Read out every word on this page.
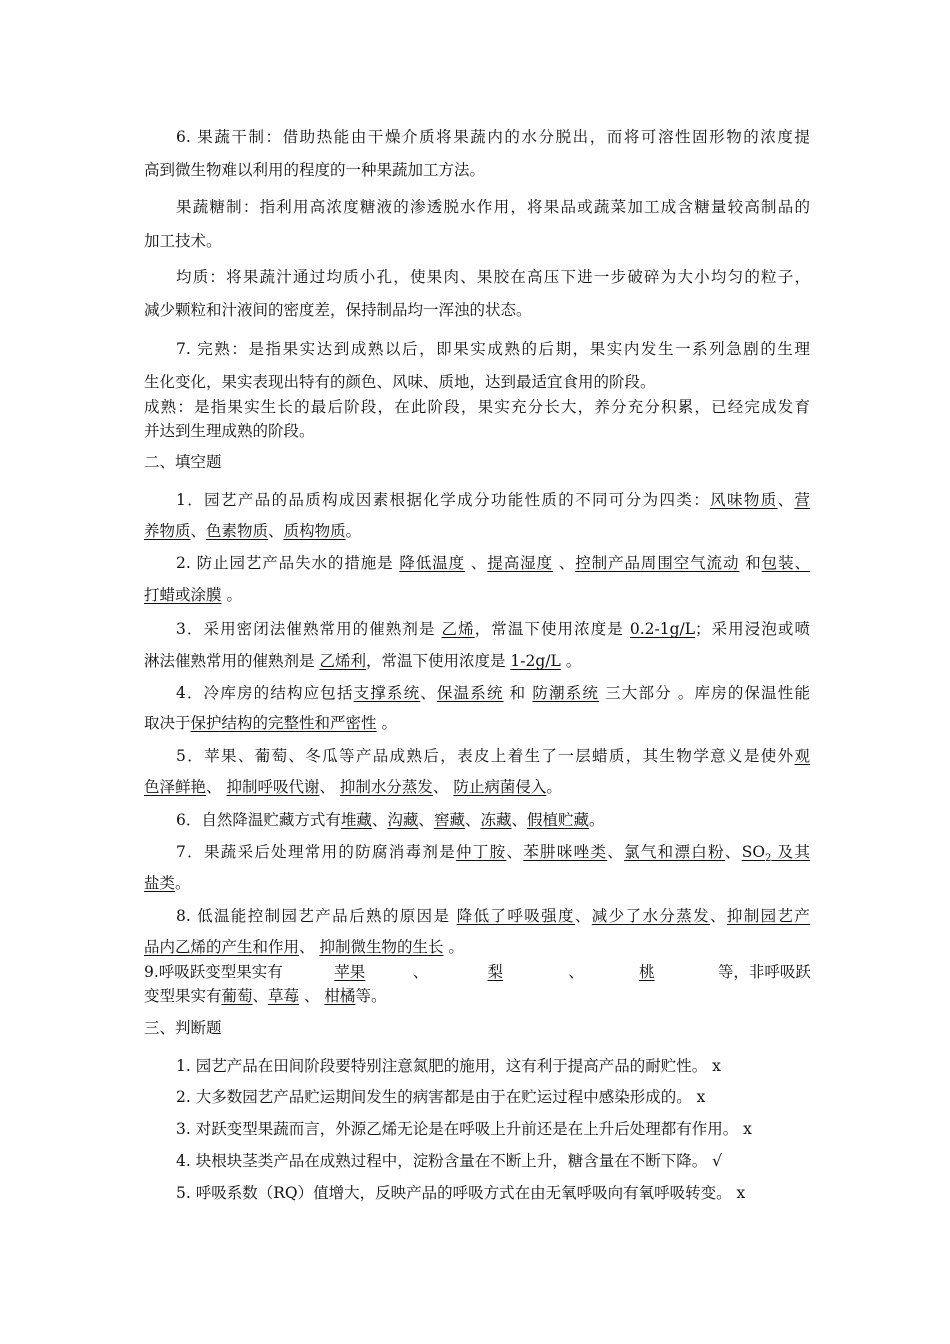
6. 果蔬干制：借助热能由干燥介质将果蔬内的水分脱出，而将可溶性固形物的浓度提
高到微生物难以利用的程度的一种果蔬加工方法。
果蔬糖制：指利用高浓度糖液的渗透脱水作用，将果品或蔬菜加工成含糖量较高制品的
加工技术。
均质：将果蔬汁通过均质小孔，使果肉、果胶在高压下进一步破碎为大小均匀的粒子，
减少颗粒和汁液间的密度差，保持制品均一浑浊的状态。
7. 完熟：是指果实达到成熟以后，即果实成熟的后期，果实内发生一系列急剧的生理
生化变化，果实表现出特有的颜色、风味、质地，达到最适宜食用的阶段。
成熟：是指果实生长的最后阶段，在此阶段，果实充分长大，养分充分积累，已经完成发育
并达到生理成熟的阶段。
二、填空题
1．园艺产品的品质构成因素根据化学成分功能性质的不同可分为四类：风味物质、营
养物质、色素物质、质构物质。
2. 防止园艺产品失水的措施是 降低温度 、提高湿度 、控制产品周围空气流动 和包装、
打蜡或涂膜 。
3．采用密闭法催熟常用的催熟剂是 乙烯，常温下使用浓度是 0.2-1g/L；采用浸泡或喷
淋法催熟常用的催熟剂是 乙烯利，常温下使用浓度是 1-2g/L 。
4．冷库房的结构应包括支撑系统、保温系统 和 防潮系统 三大部分 。库房的保温性能
取决于保护结构的完整性和严密性 。
5．苹果、葡萄、冬瓜等产品成熟后，表皮上着生了一层蜡质，其生物学意义是使外观
色泽鲜艳、 抑制呼吸代谢、 抑制水分蒸发、 防止病菌侵入。
6．自然降温贮藏方式有堆藏、沟藏、窖藏、冻藏、假植贮藏。
7．果蔬采后处理常用的防腐消毒剂是仲丁胺、苯肼咪唑类、氯气和漂白粉、$SO_2$ 及其
盐类。
8. 低温能控制园艺产品后熟的原因是 降低了呼吸强度、减少了水分蒸发、抑制园艺产
品内乙烯的产生和作用、 抑制微生物的生长 。
9.呼吸跃变型果实有	苹果	、	梨	、	桃	等，非呼吸跃
变型果实有葡萄、草莓 、 柑橘等。
三、判断题
1. 园艺产品在田间阶段要特别注意氮肥的施用，这有利于提高产品的耐贮性。 x
2. 大多数园艺产品贮运期间发生的病害都是由于在贮运过程中感染形成的。 x
3. 对跃变型果蔬而言，外源乙烯无论是在呼吸上升前还是在上升后处理都有作用。 x
4. 块根块茎类产品在成熟过程中，淀粉含量在不断上升，糖含量在不断下降。 √
5. 呼吸系数（RQ）值增大，反映产品的呼吸方式在由无氧呼吸向有氧呼吸转变。 x
